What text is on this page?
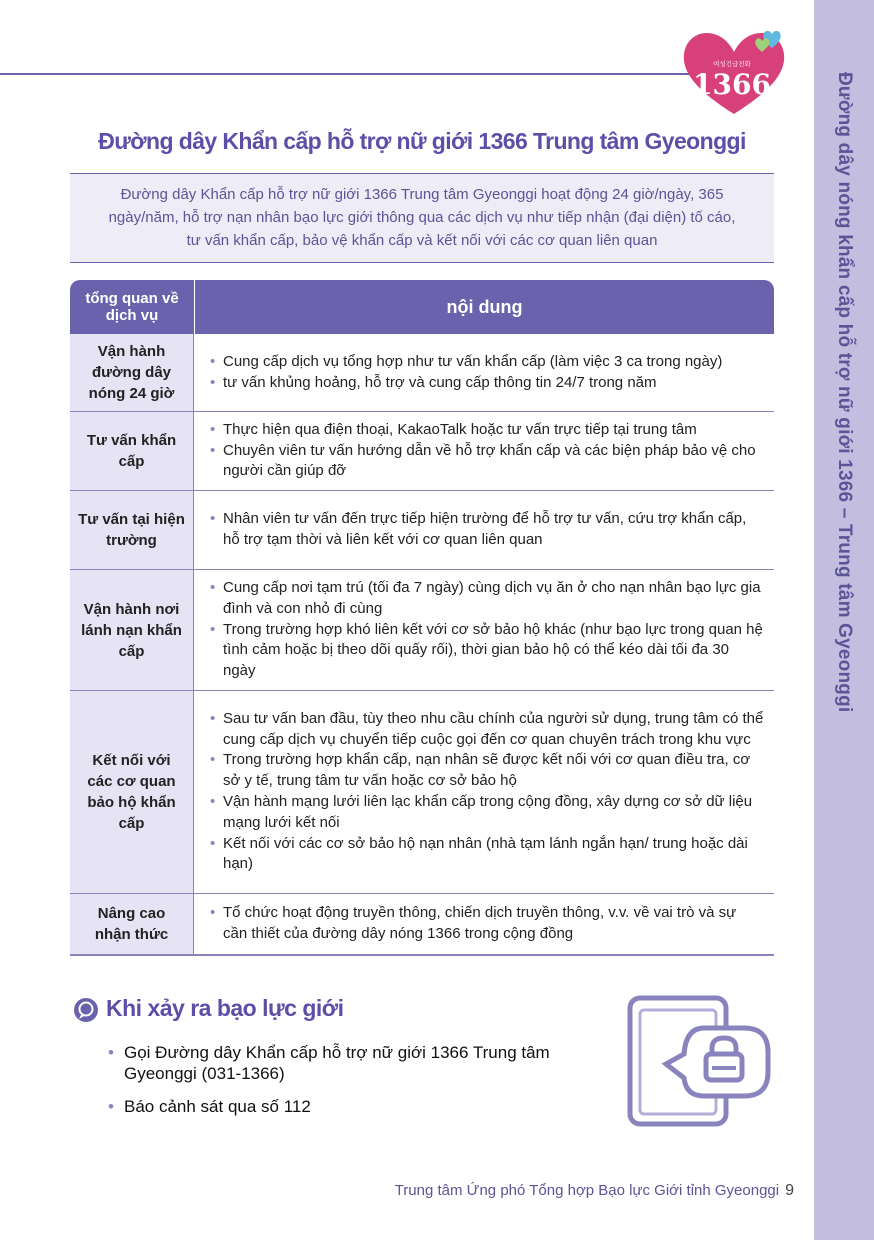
Đường dây nóng khẩn cấp hỗ trợ nữ giới 1366 – Trung tâm Gyeonggi
여성긴급전화
1366
Đường dây Khẩn cấp hỗ trợ nữ giới 1366 Trung tâm Gyeonggi
Đường dây Khẩn cấp hỗ trợ nữ giới 1366 Trung tâm Gyeonggi hoạt động 24 giờ/ngày, 365
ngày/năm, hỗ trợ nạn nhân bạo lực giới thông qua các dịch vụ như tiếp nhận (đại diện) tố cáo,
tư vấn khẩn cấp, bảo vệ khẩn cấp và kết nối với các cơ quan liên quan
tổng quan về dịch vụ	nội dung
Vận hành đường dây nóng 24 giờ
• Cung cấp dịch vụ tổng hợp như tư vấn khẩn cấp (làm việc 3 ca trong ngày)
• tư vấn khủng hoảng, hỗ trợ và cung cấp thông tin 24/7 trong năm
Tư vấn khẩn cấp
• Thực hiện qua điện thoại, KakaoTalk hoặc tư vấn trực tiếp tại trung tâm
• Chuyên viên tư vấn hướng dẫn về hỗ trợ khẩn cấp và các biện pháp bảo vệ cho người cần giúp đỡ
Tư vấn tại hiện trường
• Nhân viên tư vấn đến trực tiếp hiện trường để hỗ trợ tư vấn, cứu trợ khẩn cấp, hỗ trợ tạm thời và liên kết với cơ quan liên quan
Vận hành nơi lánh nạn khẩn cấp
• Cung cấp nơi tạm trú (tối đa 7 ngày) cùng dịch vụ ăn ở cho nạn nhân bạo lực gia đình và con nhỏ đi cùng
• Trong trường hợp khó liên kết với cơ sở bảo hộ khác (như bạo lực trong quan hệ tình cảm hoặc bị theo dõi quấy rối), thời gian bảo hộ có thể kéo dài tối đa 30 ngày
Kết nối với các cơ quan bảo hộ khẩn cấp
• Sau tư vấn ban đầu, tùy theo nhu cầu chính của người sử dụng, trung tâm có thể cung cấp dịch vụ chuyển tiếp cuộc gọi đến cơ quan chuyên trách trong khu vực
• Trong trường hợp khẩn cấp, nạn nhân sẽ được kết nối với cơ quan điều tra, cơ sở y tế, trung tâm tư vấn hoặc cơ sở bảo hộ
• Vận hành mạng lưới liên lạc khẩn cấp trong cộng đồng, xây dựng cơ sở dữ liệu mạng lưới kết nối
• Kết nối với các cơ sở bảo hộ nạn nhân (nhà tạm lánh ngắn hạn/ trung hoặc dài hạn)
Nâng cao nhận thức
• Tổ chức hoạt động truyền thông, chiến dịch truyền thông, v.v. về vai trò và sự cần thiết của đường dây nóng 1366 trong cộng đồng
Khi xảy ra bạo lực giới
• Gọi Đường dây Khẩn cấp hỗ trợ nữ giới 1366 Trung tâm Gyeonggi (031-1366)
• Báo cảnh sát qua số 112
Trung tâm Ứng phó Tổng hợp Bạo lực Giới tỉnh Gyeonggi 9
